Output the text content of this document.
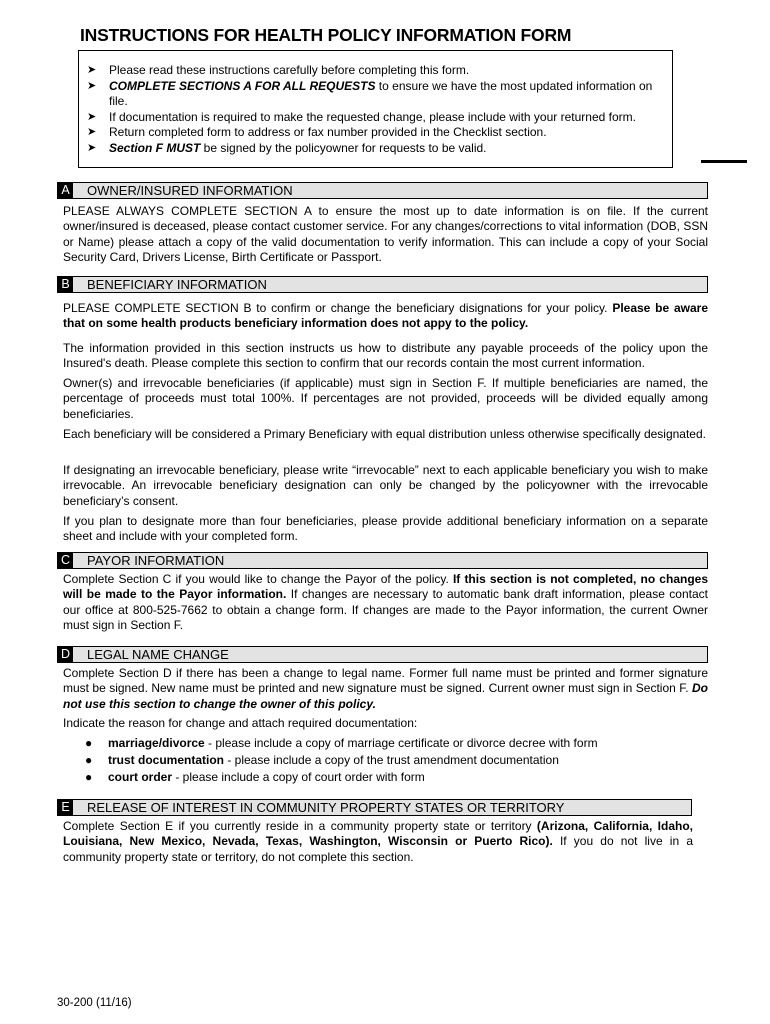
INSTRUCTIONS FOR HEALTH POLICY INFORMATION FORM
➤ Please read these instructions carefully before completing this form.
➤ COMPLETE SECTIONS A FOR ALL REQUESTS to ensure we have the most updated information on file.
➤ If documentation is required to make the requested change, please include with your returned form.
➤ Return completed form to address or fax number provided in the Checklist section.
➤ Section F MUST be signed by the policyowner for requests to be valid.
A OWNER/INSURED INFORMATION
PLEASE ALWAYS COMPLETE SECTION A to ensure the most up to date information is on file. If the current owner/insured is deceased, please contact customer service. For any changes/corrections to vital information (DOB, SSN or Name) please attach a copy of the valid documentation to verify information. This can include a copy of your Social Security Card, Drivers License, Birth Certificate or Passport.
B BENEFICIARY INFORMATION
PLEASE COMPLETE SECTION B to confirm or change the beneficiary disignations for your policy. Please be aware that on some health products beneficiary information does not appy to the policy.
The information provided in this section instructs us how to distribute any payable proceeds of the policy upon the Insured's death. Please complete this section to confirm that our records contain the most current information.
Owner(s) and irrevocable beneficiaries (if applicable) must sign in Section F. If multiple beneficiaries are named, the percentage of proceeds must total 100%. If percentages are not provided, proceeds will be divided equally among beneficiaries.
Each beneficiary will be considered a Primary Beneficiary with equal distribution unless otherwise specifically designated.
If designating an irrevocable beneficiary, please write “irrevocable” next to each applicable beneficiary you wish to make irrevocable. An irrevocable beneficiary designation can only be changed by the policyowner with the irrevocable beneficiary’s consent.
If you plan to designate more than four beneficiaries, please provide additional beneficiary information on a separate sheet and include with your completed form.
C PAYOR INFORMATION
Complete Section C if you would like to change the Payor of the policy. If this section is not completed, no changes will be made to the Payor information. If changes are necessary to automatic bank draft information, please contact our office at 800-525-7662 to obtain a change form. If changes are made to the Payor information, the current Owner must sign in Section F.
D LEGAL NAME CHANGE
Complete Section D if there has been a change to legal name. Former full name must be printed and former signature must be signed. New name must be printed and new signature must be signed. Current owner must sign in Section F. Do not use this section to change the owner of this policy.
Indicate the reason for change and attach required documentation:
● marriage/divorce - please include a copy of marriage certificate or divorce decree with form
● trust documentation - please include a copy of the trust amendment documentation
● court order - please include a copy of court order with form
E RELEASE OF INTEREST IN COMMUNITY PROPERTY STATES OR TERRITORY
Complete Section E if you currently reside in a community property state or territory (Arizona, California, Idaho, Louisiana, New Mexico, Nevada, Texas, Washington, Wisconsin or Puerto Rico). If you do not live in a community property state or territory, do not complete this section.
30-200 (11/16)
